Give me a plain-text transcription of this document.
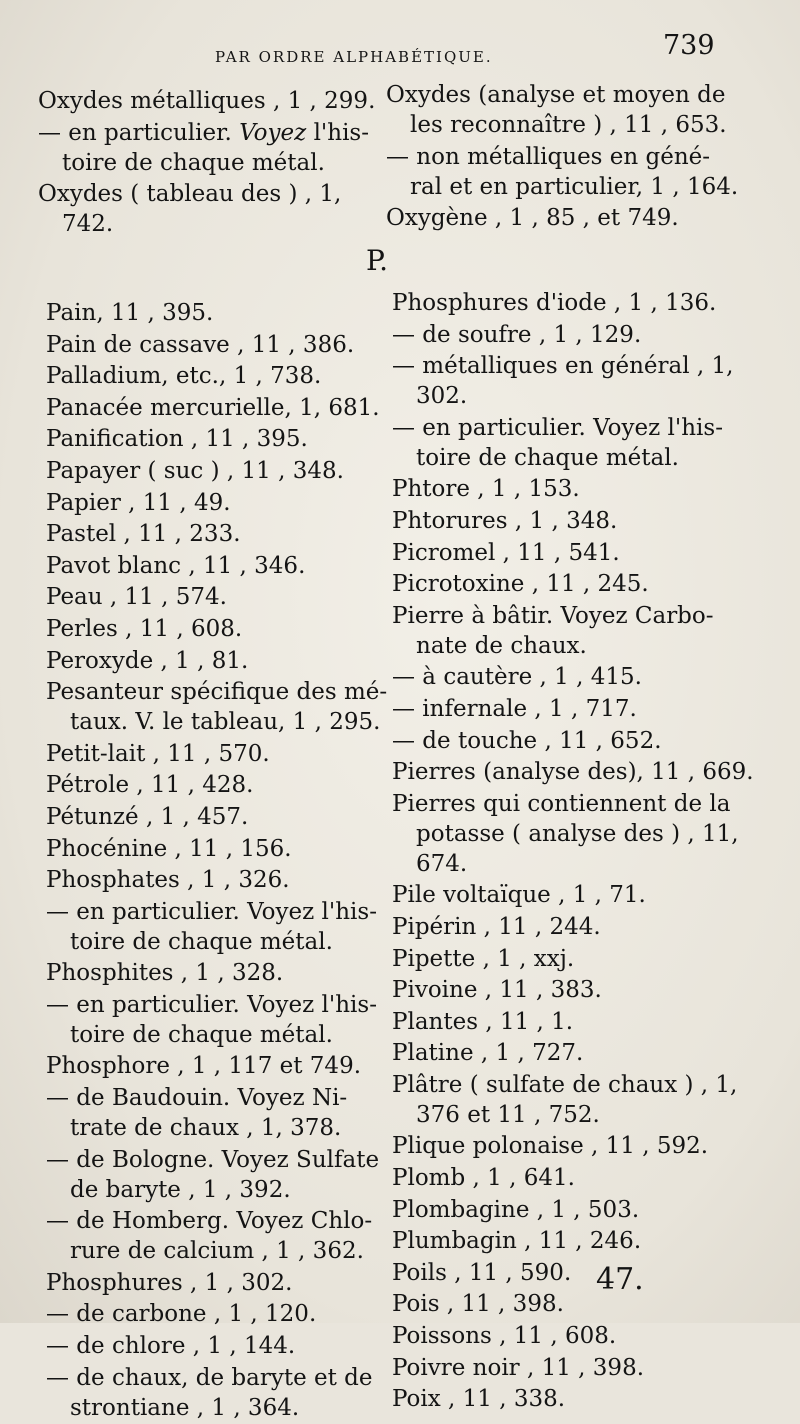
PAR ORDRE ALPHABÉTIQUE.	739
Oxydes métalliques , 1 , 299.
— en particulier. Voyez l'his-
toire de chaque métal.
Oxydes ( tableau des ) , 1,
742.
Oxydes (analyse et moyen de
les reconnaître ) , 11 , 653.
— non métalliques en géné-
ral et en particulier, 1 , 164.
Oxygène , 1 , 85 , et 749.
P.
Pain, 11 , 395.
Pain de cassave , 11 , 386.
Palladium, etc., 1 , 738.
Panacée mercurielle, 1, 681.
Panification , 11 , 395.
Papayer ( suc ) , 11 , 348.
Papier , 11 , 49.
Pastel , 11 , 233.
Pavot blanc , 11 , 346.
Peau , 11 , 574.
Perles , 11 , 608.
Peroxyde , 1 , 81.
Pesanteur spécifique des mé-
taux. V. le tableau, 1 , 295.
Petit-lait , 11 , 570.
Pétrole , 11 , 428.
Pétunzé , 1 , 457.
Phocénine , 11 , 156.
Phosphates , 1 , 326.
— en particulier. Voyez l'his-
toire de chaque métal.
Phosphites , 1 , 328.
— en particulier. Voyez l'his-
toire de chaque métal.
Phosphore , 1 , 117 et 749.
— de Baudouin. Voyez Ni-
trate de chaux , 1, 378.
— de Bologne. Voyez Sulfate
de baryte , 1 , 392.
— de Homberg. Voyez Chlo-
rure de calcium , 1 , 362.
Phosphures , 1 , 302.
— de carbone , 1 , 120.
— de chlore , 1 , 144.
— de chaux, de baryte et de
strontiane , 1 , 364.
Phosphures d'iode , 1 , 136.
— de soufre , 1 , 129.
— métalliques en général , 1,
302.
— en particulier. Voyez l'his-
toire de chaque métal.
Phtore , 1 , 153.
Phtorures , 1 , 348.
Picromel , 11 , 541.
Picrotoxine , 11 , 245.
Pierre à bâtir. Voyez Carbo-
nate de chaux.
— à cautère , 1 , 415.
— infernale , 1 , 717.
— de touche , 11 , 652.
Pierres (analyse des), 11 , 669.
Pierres qui contiennent de la
potasse ( analyse des ) , 11,
674.
Pile voltaïque , 1 , 71.
Pipérin , 11 , 244.
Pipette , 1 , xxj.
Pivoine , 11 , 383.
Plantes , 11 , 1.
Platine , 1 , 727.
Plâtre ( sulfate de chaux ) , 1,
376 et 11 , 752.
Plique polonaise , 11 , 592.
Plomb , 1 , 641.
Plombagine , 1 , 503.
Plumbagin , 11 , 246.
Poils , 11 , 590.
Pois , 11 , 398.
Poissons , 11 , 608.
Poivre noir , 11 , 398.
Poix , 11 , 338.
47.
